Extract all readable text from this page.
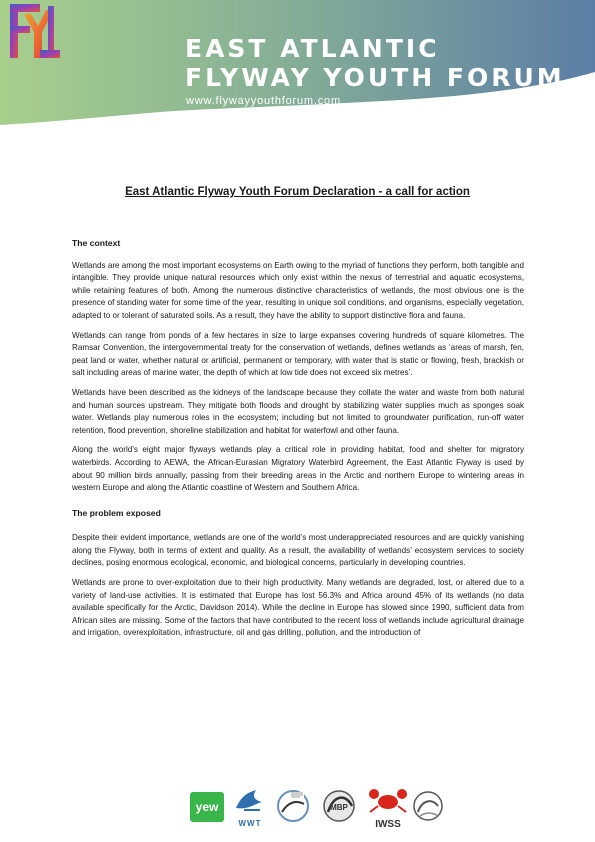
EAST ATLANTIC
FLYWAY YOUTH FORUM
www.flywayyouthforum.com
East Atlantic Flyway Youth Forum Declaration - a call for action
The context

Wetlands are among the most important ecosystems on Earth owing to the myriad of functions they perform, both tangible and intangible. They provide unique natural resources which only exist within the nexus of terrestrial and aquatic ecosystems, while retaining features of both. Among the numerous distinctive characteristics of wetlands, the most obvious one is the presence of standing water for some time of the year, resulting in unique soil conditions, and organisms, especially vegetation, adapted to or tolerant of saturated soils. As a result, they have the ability to support distinctive flora and fauna.

Wetlands can range from ponds of a few hectares in size to large expanses covering hundreds of square kilometres. The Ramsar Convention, the intergovernmental treaty for the conservation of wetlands, defines wetlands as ‘areas of marsh, fen, peat land or water, whether natural or artificial, permanent or temporary, with water that is static or flowing, fresh, brackish or salt including areas of marine water, the depth of which at low tide does not exceed six metres’.

Wetlands have been described as the kidneys of the landscape because they collate the water and waste from both natural and human sources upstream. They mitigate both floods and drought by stabilizing water supplies much as sponges soak water. Wetlands play numerous roles in the ecosystem; including but not limited to groundwater purification, run-off water retention, flood prevention, shoreline stabilization and habitat for waterfowl and other fauna.

Along the world’s eight major flyways wetlands play a critical role in providing habitat, food and shelter for migratory waterbirds. According to AEWA, the African-Eurasian Migratory Waterbird Agreement, the East Atlantic Flyway is used by about 90 million birds annually, passing from their breeding areas in the Arctic and northern Europe to wintering areas in western Europe and along the Atlantic coastline of Western and Southern Africa.

The problem exposed

Despite their evident importance, wetlands are one of the world’s most underappreciated resources and are quickly vanishing along the Flyway, both in terms of extent and quality. As a result, the availability of wetlands’ ecosystem services to society declines, posing enormous ecological, economic, and biological concerns, particularly in developing countries.

Wetlands are prone to over-exploitation due to their high productivity. Many wetlands are degraded, lost, or altered due to a variety of land-use activities. It is estimated that Europe has lost 56.3% and Africa around 45% of its wetlands (no data available specifically for the Arctic, Davidson 2014). While the decline in Europe has slowed since 1990, sufficient data from African sites are missing. Some of the factors that have contributed to the recent loss of wetlands include agricultural drainage and irrigation, overexploitation, infrastructure, oil and gas drilling, pollution, and the introduction of

yew
WWT
MBP
IWSS
